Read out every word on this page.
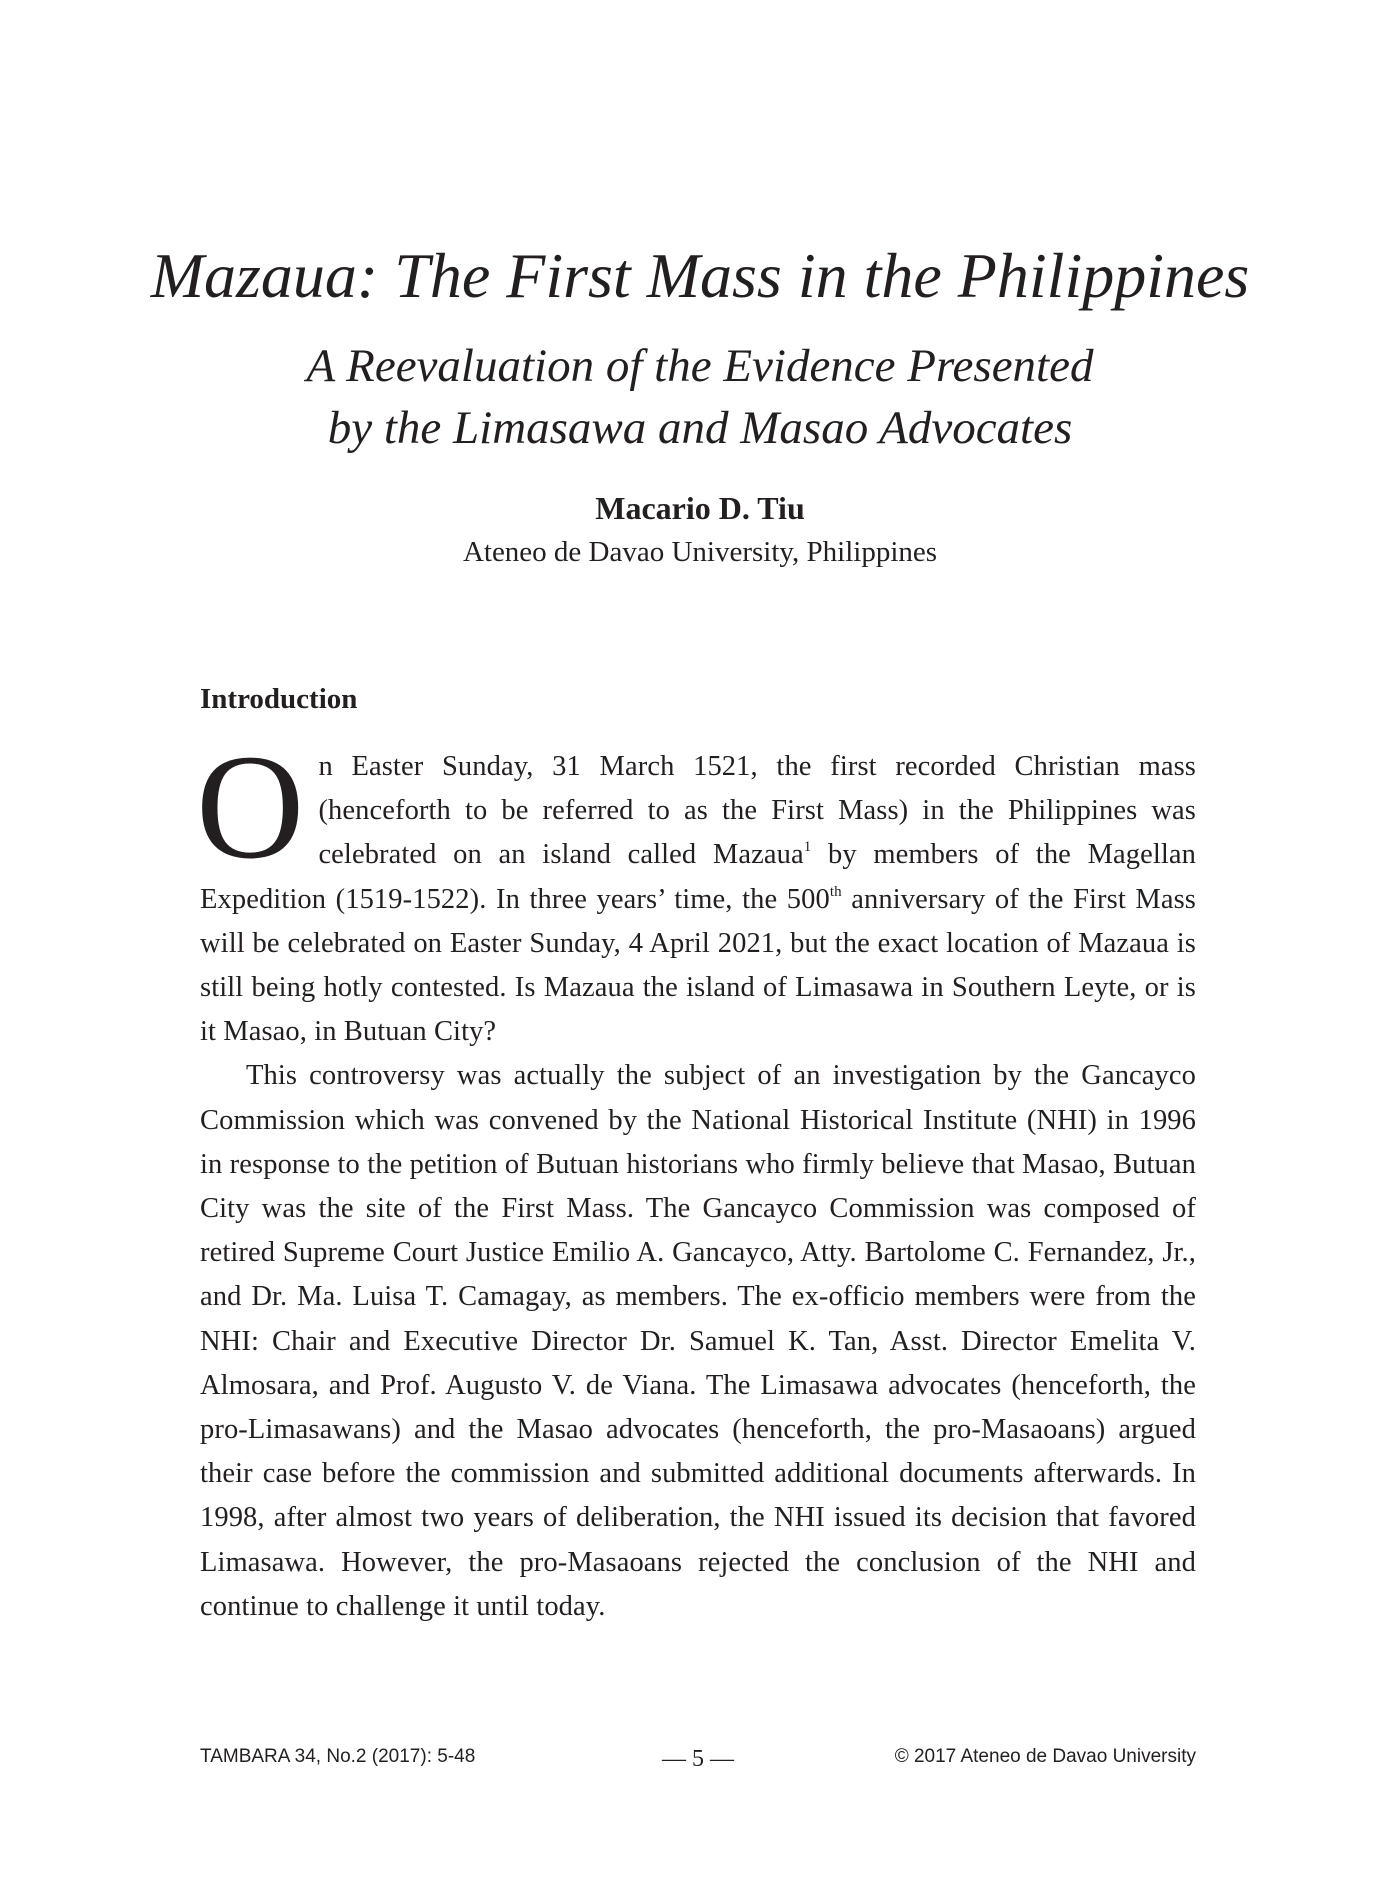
Mazaua: The First Mass in the Philippines
A Reevaluation of the Evidence Presented
by the Limasawa and Masao Advocates
Macario D. Tiu
Ateneo de Davao University, Philippines
Introduction

On Easter Sunday, 31 March 1521, the first recorded Christian mass (henceforth to be referred to as the First Mass) in the Philippines was celebrated on an island called Mazaua$^1$ by members of the Magellan Expedition (1519-1522). In three years’ time, the 500th anniversary of the First Mass will be celebrated on Easter Sunday, 4 April 2021, but the exact location of Mazaua is still being hotly contested. Is Mazaua the island of Limasawa in Southern Leyte, or is it Masao, in Butuan City?

This controversy was actually the subject of an investigation by the Gancayco Commission which was convened by the National Historical Institute (NHI) in 1996 in response to the petition of Butuan historians who firmly believe that Masao, Butuan City was the site of the First Mass. The Gancayco Commission was composed of retired Supreme Court Justice Emilio A. Gancayco, Atty. Bartolome C. Fernandez, Jr., and Dr. Ma. Luisa T. Camagay, as members. The ex-officio members were from the NHI: Chair and Executive Director Dr. Samuel K. Tan, Asst. Director Emelita V. Almosara, and Prof. Augusto V. de Viana. The Limasawa advocates (henceforth, the pro-Limasawans) and the Masao advocates (henceforth, the pro-Masaoans) argued their case before the commission and submitted additional documents afterwards. In 1998, after almost two years of deliberation, the NHI issued its decision that favored Limasawa. However, the pro-Masaoans rejected the conclusion of the NHI and continue to challenge it until today.

TAMBARA 34, No.2 (2017): 5-48	— 5 —	© 2017 Ateneo de Davao University
